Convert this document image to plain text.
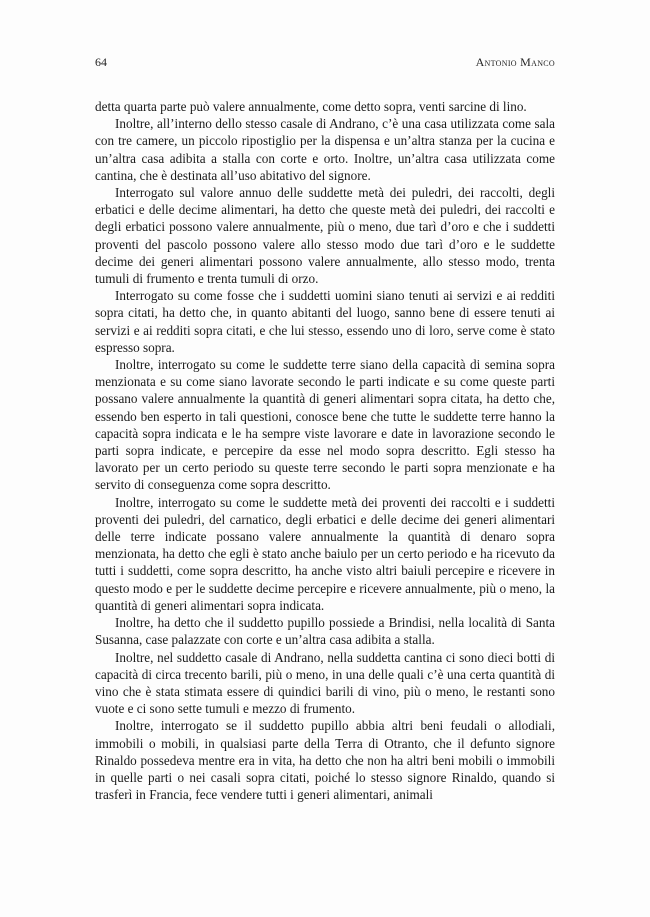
64	Antonio Manco

detta quarta parte può valere annualmente, come detto sopra, venti sarcine di lino.

Inoltre, all’interno dello stesso casale di Andrano, c’è una casa utilizzata come sala con tre camere, un piccolo ripostiglio per la dispensa e un’altra stanza per la cucina e un’altra casa adibita a stalla con corte e orto. Inoltre, un’altra casa utilizzata come cantina, che è destinata all’uso abitativo del signore.

Interrogato sul valore annuo delle suddette metà dei puledri, dei raccolti, degli erbatici e delle decime alimentari, ha detto che queste metà dei puledri, dei raccolti e degli erbatici possono valere annualmente, più o meno, due tarì d’oro e che i suddetti proventi del pascolo possono valere allo stesso modo due tarì d’oro e le suddette decime dei generi alimentari possono valere annualmente, allo stesso modo, trenta tumuli di frumento e trenta tumuli di orzo.

Interrogato su come fosse che i suddetti uomini siano tenuti ai servizi e ai redditi sopra citati, ha detto che, in quanto abitanti del luogo, sanno bene di essere tenuti ai servizi e ai redditi sopra citati, e che lui stesso, essendo uno di loro, serve come è stato espresso sopra.

Inoltre, interrogato su come le suddette terre siano della capacità di semina sopra menzionata e su come siano lavorate secondo le parti indicate e su come queste parti possano valere annualmente la quantità di generi alimentari sopra citata, ha detto che, essendo ben esperto in tali questioni, conosce bene che tutte le suddette terre hanno la capacità sopra indicata e le ha sempre viste lavorare e date in lavorazione secondo le parti sopra indicate, e percepire da esse nel modo sopra descritto. Egli stesso ha lavorato per un certo periodo su queste terre secondo le parti sopra menzionate e ha servito di conseguenza come sopra descritto.

Inoltre, interrogato su come le suddette metà dei proventi dei raccolti e i suddetti proventi dei puledri, del carnatico, degli erbatici e delle decime dei generi alimentari delle terre indicate possano valere annualmente la quantità di denaro sopra menzionata, ha detto che egli è stato anche baiulo per un certo periodo e ha ricevuto da tutti i suddetti, come sopra descritto, ha anche visto altri baiuli percepire e ricevere in questo modo e per le suddette decime percepire e ricevere annualmente, più o meno, la quantità di generi alimentari sopra indicata.

Inoltre, ha detto che il suddetto pupillo possiede a Brindisi, nella località di Santa Susanna, case palazzate con corte e un’altra casa adibita a stalla.

Inoltre, nel suddetto casale di Andrano, nella suddetta cantina ci sono dieci botti di capacità di circa trecento barili, più o meno, in una delle quali c’è una certa quantità di vino che è stata stimata essere di quindici barili di vino, più o meno, le restanti sono vuote e ci sono sette tumuli e mezzo di frumento.

Inoltre, interrogato se il suddetto pupillo abbia altri beni feudali o allodiali, immobili o mobili, in qualsiasi parte della Terra di Otranto, che il defunto signore Rinaldo possedeva mentre era in vita, ha detto che non ha altri beni mobili o immobili in quelle parti o nei casali sopra citati, poiché lo stesso signore Rinaldo, quando si trasferì in Francia, fece vendere tutti i generi alimentari, animali
